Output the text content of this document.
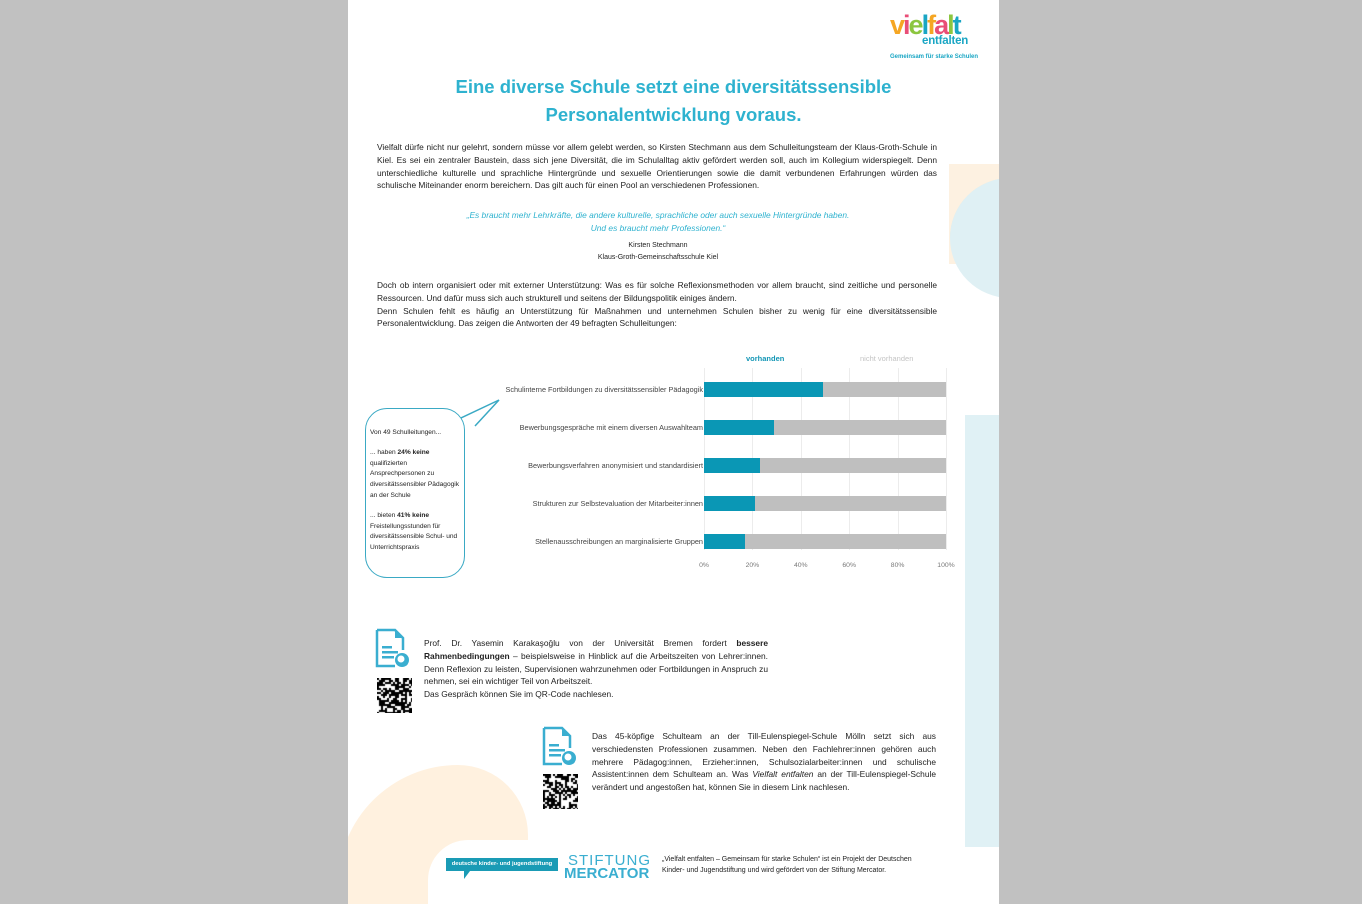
vielfalt
entfalten
Gemeinsam für starke Schulen
Eine diverse Schule setzt eine diversitätssensible Personalentwicklung voraus.
Vielfalt dürfe nicht nur gelehrt, sondern müsse vor allem gelebt werden, so Kirsten Stechmann aus dem Schulleitungsteam der Klaus-Groth-Schule in Kiel. Es sei ein zentraler Baustein, dass sich jene Diversität, die im Schulalltag aktiv gefördert werden soll, auch im Kollegium widerspiegelt. Denn unterschiedliche kulturelle und sprachliche Hintergründe und sexuelle Orientierungen sowie die damit verbundenen Erfahrungen würden das schulische Miteinander enorm bereichern. Das gilt auch für einen Pool an verschiedenen Professionen.
„Es braucht mehr Lehrkräfte, die andere kulturelle, sprachliche oder auch sexuelle Hintergründe haben.
Und es braucht mehr Professionen.“
Kirsten Stechmann
Klaus-Groth-Gemeinschaftsschule Kiel
Doch ob intern organisiert oder mit externer Unterstützung: Was es für solche Reflexionsmethoden vor allem braucht, sind zeitliche und personelle Ressourcen. Und dafür muss sich auch strukturell und seitens der Bildungspolitik einiges ändern.
Denn Schulen fehlt es häufig an Unterstützung für Maßnahmen und unternehmen Schulen bisher zu wenig für eine diversitätssensible Personalentwicklung. Das zeigen die Antworten der 49 befragten Schulleitungen:
vorhanden	nicht vorhanden
0%	20%	40%	60%	80%	100%
Schulinterne Fortbildungen zu diversitätssensibler Pädagogik
Bewerbungsgespräche mit einem diversen Auswahlteam
Bewerbungsverfahren anonymisiert und standardisiert
Strukturen zur Selbstevaluation der Mitarbeiter:innen
Stellenausschreibungen an marginalisierte Gruppen

Von 49 Schulleitungen...

... haben 24% keine qualifizierten Ansprechpersonen zu diversitätssensibler Pädagogik an der Schule

... bieten 41% keine Freistellungsstunden für diversitätssensible Schul- und Unterrichtspraxis

Prof. Dr. Yasemin Karakaşoğlu von der Universität Bremen fordert bessere Rahmenbedingungen – beispielsweise in Hinblick auf die Arbeitszeiten von Lehrer:innen. Denn Reflexion zu leisten, Supervisionen wahrzunehmen oder Fortbildungen in Anspruch zu nehmen, sei ein wichtiger Teil von Arbeitszeit.
Das Gespräch können Sie im QR-Code nachlesen.
Das 45-köpfige Schulteam an der Till-Eulenspiegel-Schule Mölln setzt sich aus verschiedensten Professionen zusammen. Neben den Fachlehrer:innen gehören auch mehrere Pädagog:innen, Erzieher:innen, Schulsozialarbeiter:innen und schulische Assistent:innen dem Schulteam an. Was Vielfalt entfalten an der Till-Eulenspiegel-Schule verändert und angestoßen hat, können Sie in diesem Link nachlesen.
deutsche kinder- und jugendstiftung	STIFTUNG
MERCATOR
„Vielfalt entfalten – Gemeinsam für starke Schulen“ ist ein Projekt der Deutschen Kinder- und Jugendstiftung und wird gefördert von der Stiftung Mercator.
